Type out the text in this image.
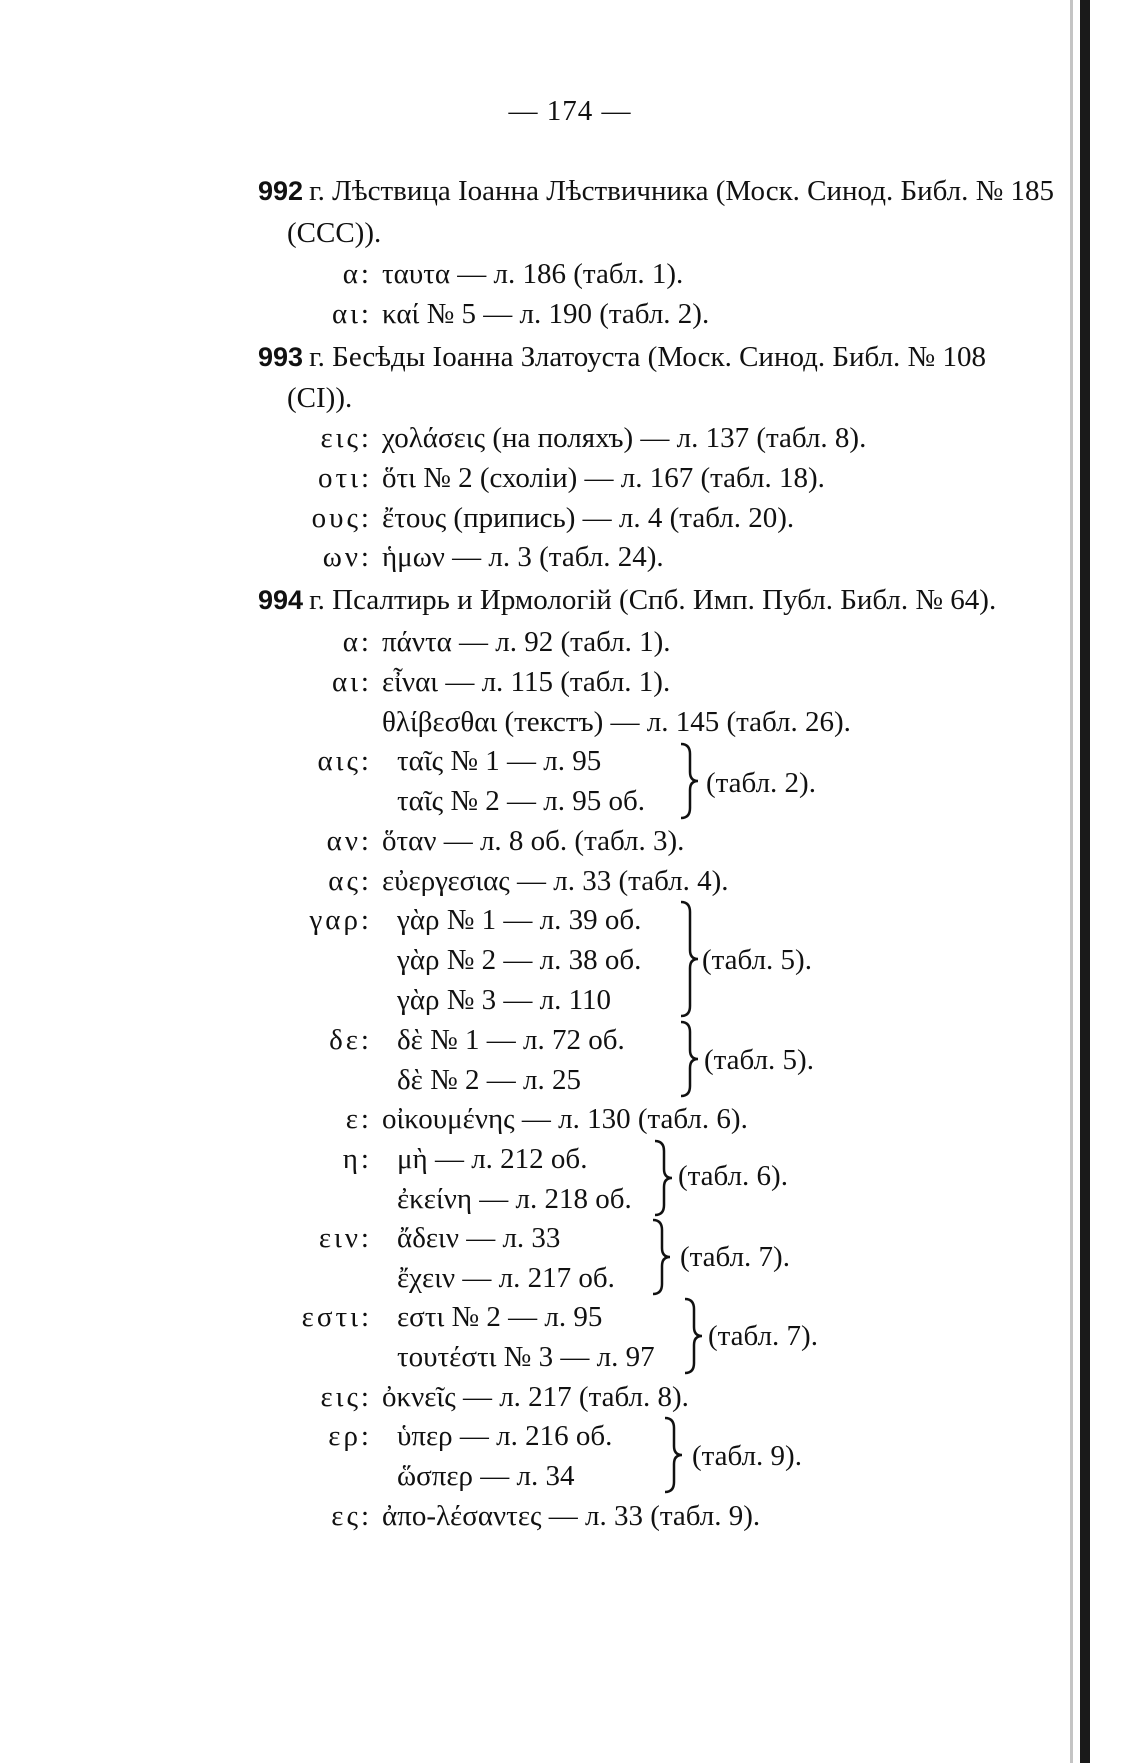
— 174 —
992 г. Лѣствица Іоанна Лѣствичника (Моск. Синод. Библ. № 185
(CCC)).
α: ταυτα — л. 186 (табл. 1).
αι: καί № 5 — л. 190 (табл. 2).
993 г. Бесѣды Іоанна Златоуста (Моск. Синод. Библ. № 108
(CI)).
εις: χολάσεις (на поляхъ) — л. 137 (табл. 8).
οτι: ὅτι № 2 (схоліи) — л. 167 (табл. 18).
ους: ἔτους (припись) — л. 4 (табл. 20).
ων: ἡμων — л. 3 (табл. 24).
994 г. Псалтирь и Ирмологій (Спб. Имп. Публ. Библ. № 64).
α: πάντα — л. 92 (табл. 1).
αι: εἶναι — л. 115 (табл. 1).
θλίβεσθαι (текстъ) — л. 145 (табл. 26).
αις: ταῖς № 1 — л. 95
ταῖς № 2 — л. 95 об.
(табл. 2).
αν: ὅταν — л. 8 об. (табл. 3).
ας: εὐεργεσιας — л. 33 (табл. 4).
γαρ: γὰρ № 1 — л. 39 об.
γὰρ № 2 — л. 38 об.
γὰρ № 3 — л. 110
(табл. 5).
δε: δὲ № 1 — л. 72 об.
δὲ № 2 — л. 25
(табл. 5).
ε: οἰκουμένης — л. 130 (табл. 6).
η: μὴ — л. 212 об.
ἐκείνη — л. 218 об.
(табл. 6).
ειν: ἄδειν — л. 33
ἔχειν — л. 217 об.
(табл. 7).
εστι: εστι № 2 — л. 95
τουτέστι № 3 — л. 97
(табл. 7).
εις: ὀκνεῖς — л. 217 (табл. 8).
ερ: ὑπερ — л. 216 об.
ὥσπερ — л. 34
(табл. 9).
ες: ἀπο-λέσαντες — л. 33 (табл. 9).
